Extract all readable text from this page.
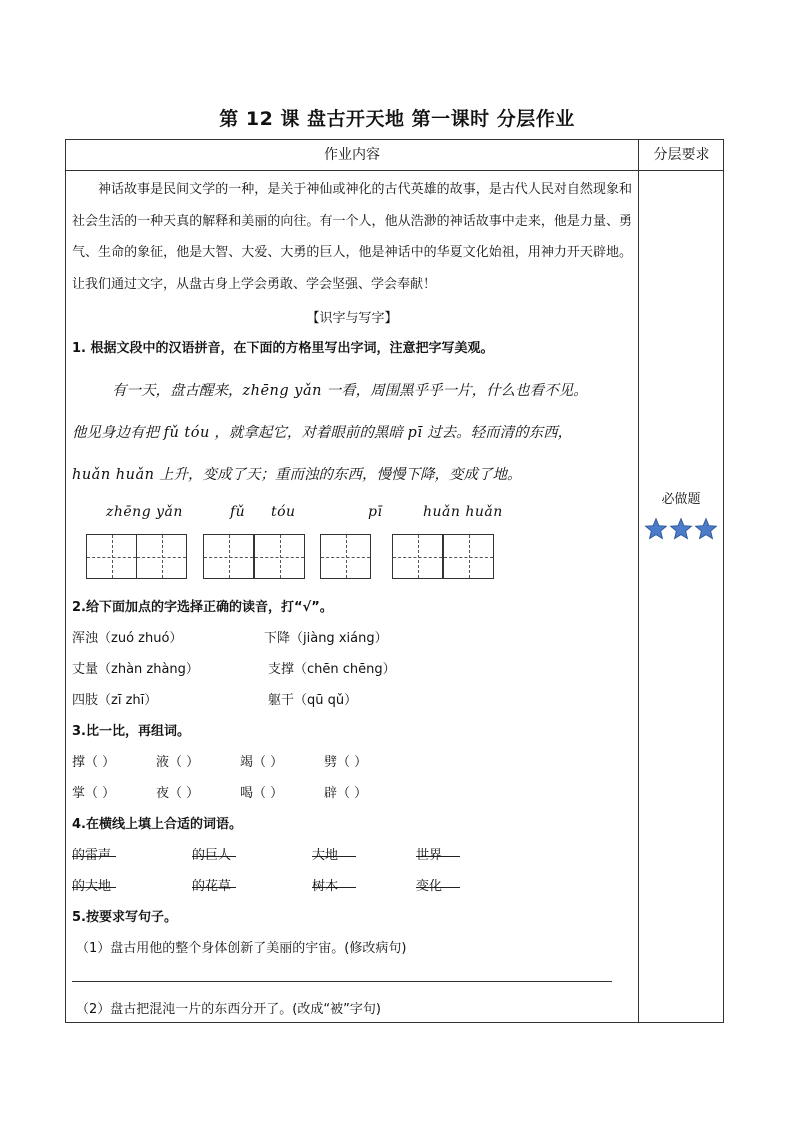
第 12 课 盘古开天地 第一课时 分层作业
作业内容	分层要求

神话故事是民间文学的一种，是关于神仙或神化的古代英雄的故事，是古代人民对自然现象和社会生活的一种天真的解释和美丽的向往。有一个人，他从浩渺的神话故事中走来，他是力量、勇气、生命的象征，他是大智、大爱、大勇的巨人，他是神话中的华夏文化始祖，用神力开天辟地。让我们通过文字，从盘古身上学会勇敢、学会坚强、学会奉献！

【识字与写字】
1. 根据文段中的汉语拼音，在下面的方格里写出字词，注意把字写美观。

有一天，盘古醒来，zhēng yǎn 一看，周围黑乎乎一片，什么也看不见。

他见身边有把 fǔ tóu ，就拿起它，对着眼前的黑暗 pī 过去。轻而清的东西，

huǎn huǎn 上升，变成了天；重而浊的东西，慢慢下降，变成了地。

zhēng yǎn	fǔ tóu	pī	huǎn huǎn
2.给下面加点的字选择正确的读音，打“√”。
浑浊（zuó zhuó）	下降（jiàng xiáng）
丈量（zhàn zhàng）	支撑（chēn chēng）
四肢（zī zhī）	躯干（qū qǔ）
3.比一比，再组词。
撑（ ）	液（ ）	竭（ ）	劈（ ）
掌（ ）	夜（ ）	喝（ ）	辟（ ）
4.在横线上填上合适的词语。
的雷声	的巨人	大地	世界
的大地	的花草	树木	变化
5.按要求写句子。
（1）盘古用他的整个身体创新了美丽的宇宙。(修改病句)
（2）盘古把混沌一片的东西分开了。(改成“被”字句)
必做题
